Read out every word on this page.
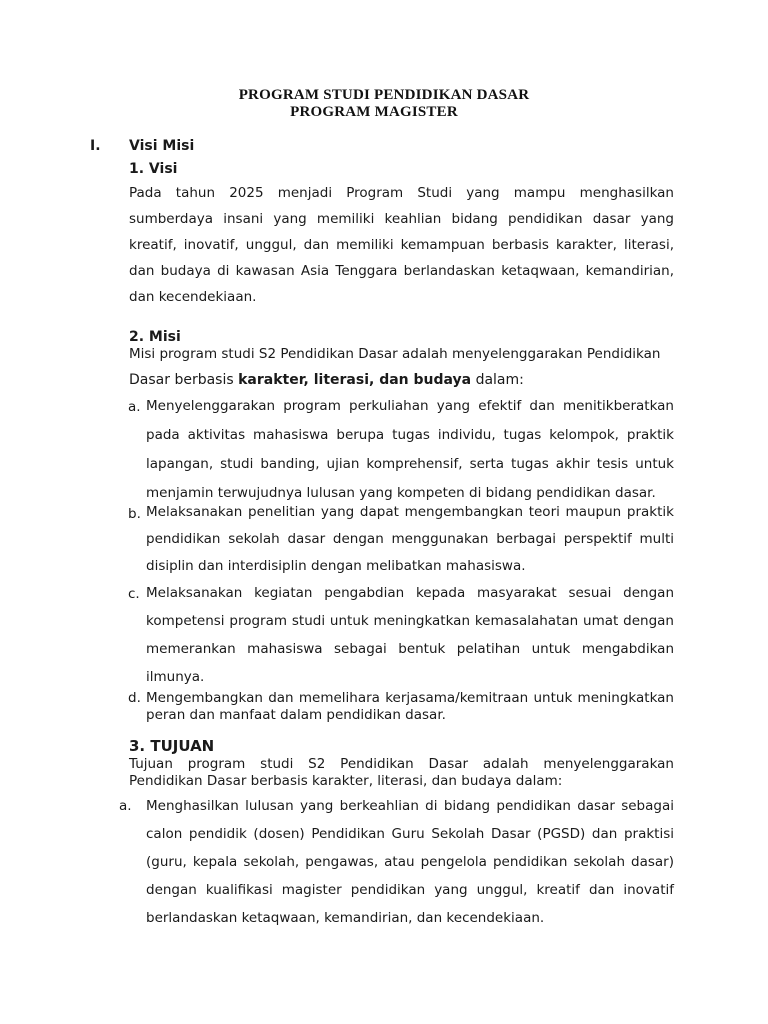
PROGRAM STUDI PENDIDIKAN DASAR
PROGRAM MAGISTER
I. Visi Misi
1. Visi
Pada tahun 2025 menjadi Program Studi yang mampu menghasilkan
sumberdaya insani yang memiliki keahlian bidang pendidikan dasar yang
kreatif, inovatif, unggul, dan memiliki kemampuan berbasis karakter, literasi,
dan budaya di kawasan Asia Tenggara berlandaskan ketaqwaan, kemandirian,
dan kecendekiaan.
2. Misi
Misi program studi S2 Pendidikan Dasar adalah menyelenggarakan Pendidikan
Dasar berbasis karakter, literasi, dan budaya dalam:
a. Menyelenggarakan program perkuliahan yang efektif dan menitikberatkan
pada aktivitas mahasiswa berupa tugas individu, tugas kelompok, praktik
lapangan, studi banding, ujian komprehensif, serta tugas akhir tesis untuk
menjamin terwujudnya lulusan yang kompeten di bidang pendidikan dasar.
b. Melaksanakan penelitian yang dapat mengembangkan teori maupun praktik
pendidikan sekolah dasar dengan menggunakan berbagai perspektif multi
disiplin dan interdisiplin dengan melibatkan mahasiswa.
c. Melaksanakan kegiatan pengabdian kepada masyarakat sesuai dengan
kompetensi program studi untuk meningkatkan kemasalahatan umat dengan
memerankan mahasiswa sebagai bentuk pelatihan untuk mengabdikan
ilmunya.
d. Mengembangkan dan memelihara kerjasama/kemitraan untuk meningkatkan
peran dan manfaat dalam pendidikan dasar.
3. TUJUAN
Tujuan program studi S2 Pendidikan Dasar adalah menyelenggarakan
Pendidikan Dasar berbasis karakter, literasi, dan budaya dalam:
a. Menghasilkan lulusan yang berkeahlian di bidang pendidikan dasar sebagai
calon pendidik (dosen) Pendidikan Guru Sekolah Dasar (PGSD) dan praktisi
(guru, kepala sekolah, pengawas, atau pengelola pendidikan sekolah dasar)
dengan kualifikasi magister pendidikan yang unggul, kreatif dan inovatif
berlandaskan ketaqwaan, kemandirian, dan kecendekiaan.
